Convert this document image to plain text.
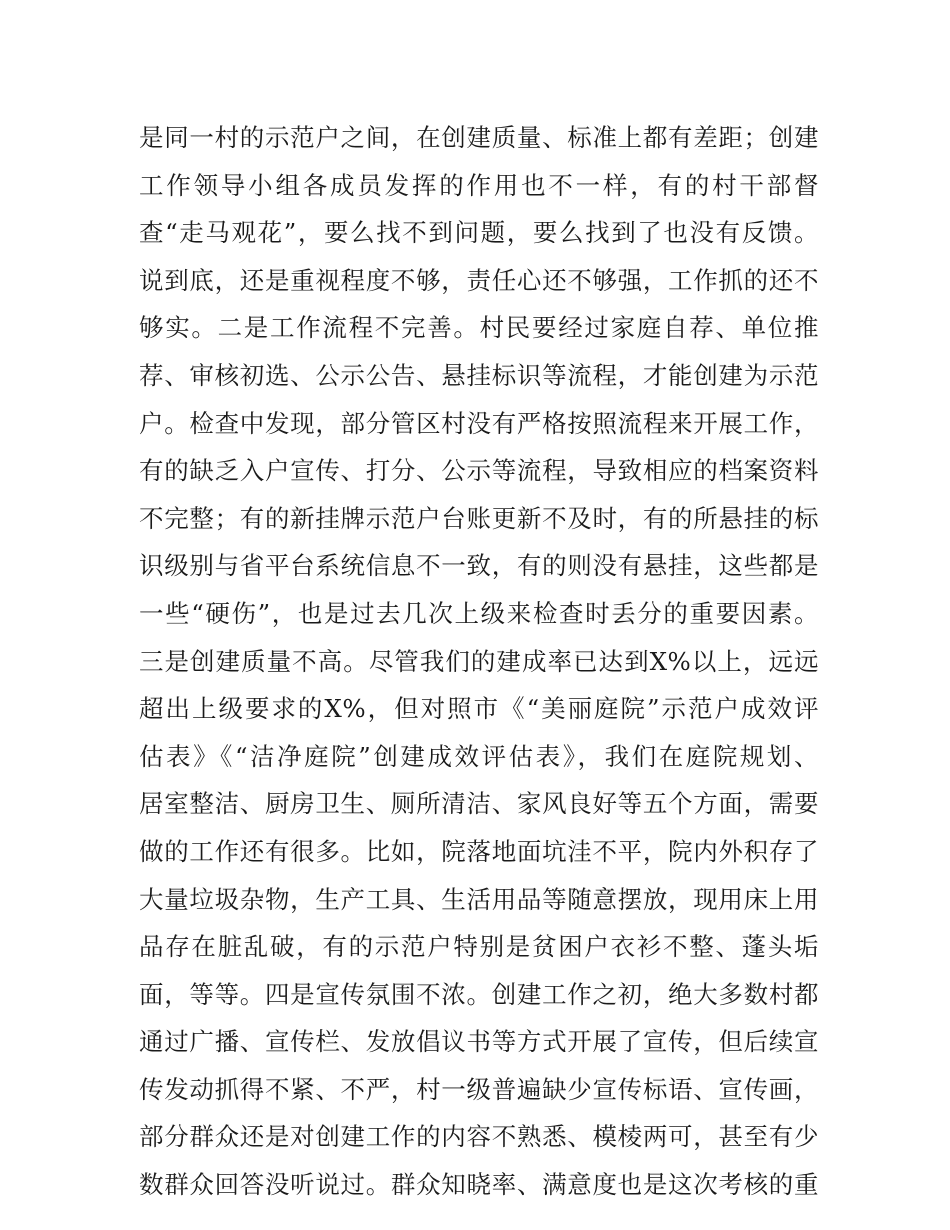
是同一村的示范户之间，在创建质量、标准上都有差距；创建
工作领导小组各成员发挥的作用也不一样，有的村干部督
查“走马观花”，要么找不到问题，要么找到了也没有反馈。
说到底，还是重视程度不够，责任心还不够强，工作抓的还不
够实。二是工作流程不完善。村民要经过家庭自荐、单位推
荐、审核初选、公示公告、悬挂标识等流程，才能创建为示范
户。检查中发现，部分管区村没有严格按照流程来开展工作，
有的缺乏入户宣传、打分、公示等流程，导致相应的档案资料
不完整；有的新挂牌示范户台账更新不及时，有的所悬挂的标
识级别与省平台系统信息不一致，有的则没有悬挂，这些都是
一些“硬伤”，也是过去几次上级来检查时丢分的重要因素。
三是创建质量不高。尽管我们的建成率已达到X%以上，远远
超出上级要求的X%，但对照市《“美丽庭院”示范户成效评
估表》《“洁净庭院”创建成效评估表》，我们在庭院规划、
居室整洁、厨房卫生、厕所清洁、家风良好等五个方面，需要
做的工作还有很多。比如，院落地面坑洼不平，院内外积存了
大量垃圾杂物，生产工具、生活用品等随意摆放，现用床上用
品存在脏乱破，有的示范户特别是贫困户衣衫不整、蓬头垢
面，等等。四是宣传氛围不浓。创建工作之初，绝大多数村都
通过广播、宣传栏、发放倡议书等方式开展了宣传，但后续宣
传发动抓得不紧、不严，村一级普遍缺少宣传标语、宣传画，
部分群众还是对创建工作的内容不熟悉、模棱两可，甚至有少
数群众回答没听说过。群众知晓率、满意度也是这次考核的重
